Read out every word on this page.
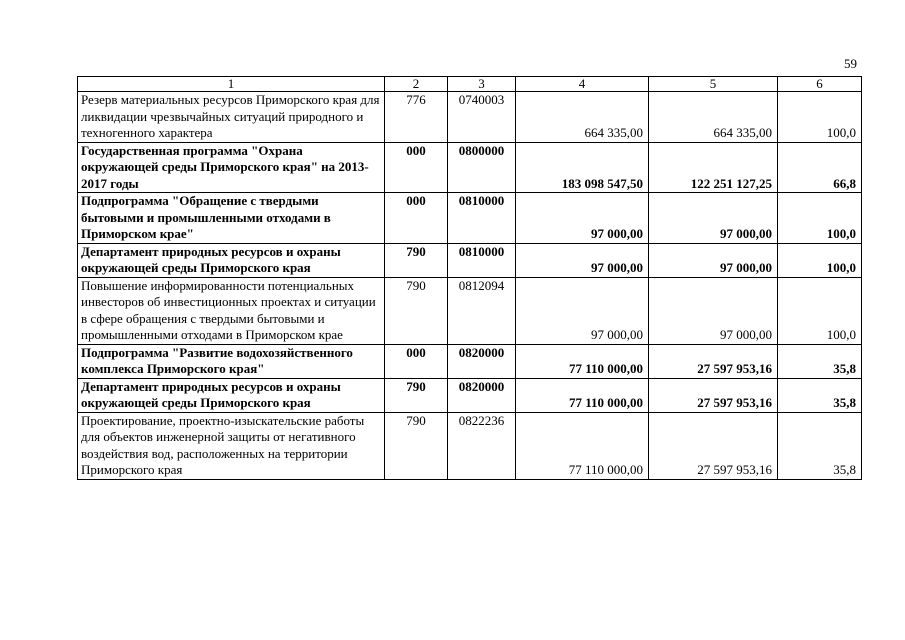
59
1	2	3	4	5	6
Резерв материальных ресурсов Приморского края для ликвидации чрезвычайных ситуаций природного и техногенного характера	776	0740003	664 335,00	664 335,00	100,0
Государственная программа "Охрана окружающей среды Приморского края" на 2013-2017 годы	000	0800000	183 098 547,50	122 251 127,25	66,8
Подпрограмма "Обращение с твердыми бытовыми и промышленными отходами в Приморском крае"	000	0810000	97 000,00	97 000,00	100,0
Департамент природных ресурсов и охраны окружающей среды Приморского края	790	0810000	97 000,00	97 000,00	100,0
Повышение информированности потенциальных инвесторов об инвестиционных проектах и ситуации в сфере обращения с твердыми бытовыми и промышленными отходами в Приморском крае	790	0812094	97 000,00	97 000,00	100,0
Подпрограмма "Развитие водохозяйственного комплекса Приморского края"	000	0820000	77 110 000,00	27 597 953,16	35,8
Департамент природных ресурсов и охраны окружающей среды Приморского края	790	0820000	77 110 000,00	27 597 953,16	35,8
Проектирование, проектно-изыскательские работы для объектов инженерной защиты от негативного воздействия вод, расположенных на территории Приморского края	790	0822236	77 110 000,00	27 597 953,16	35,8
